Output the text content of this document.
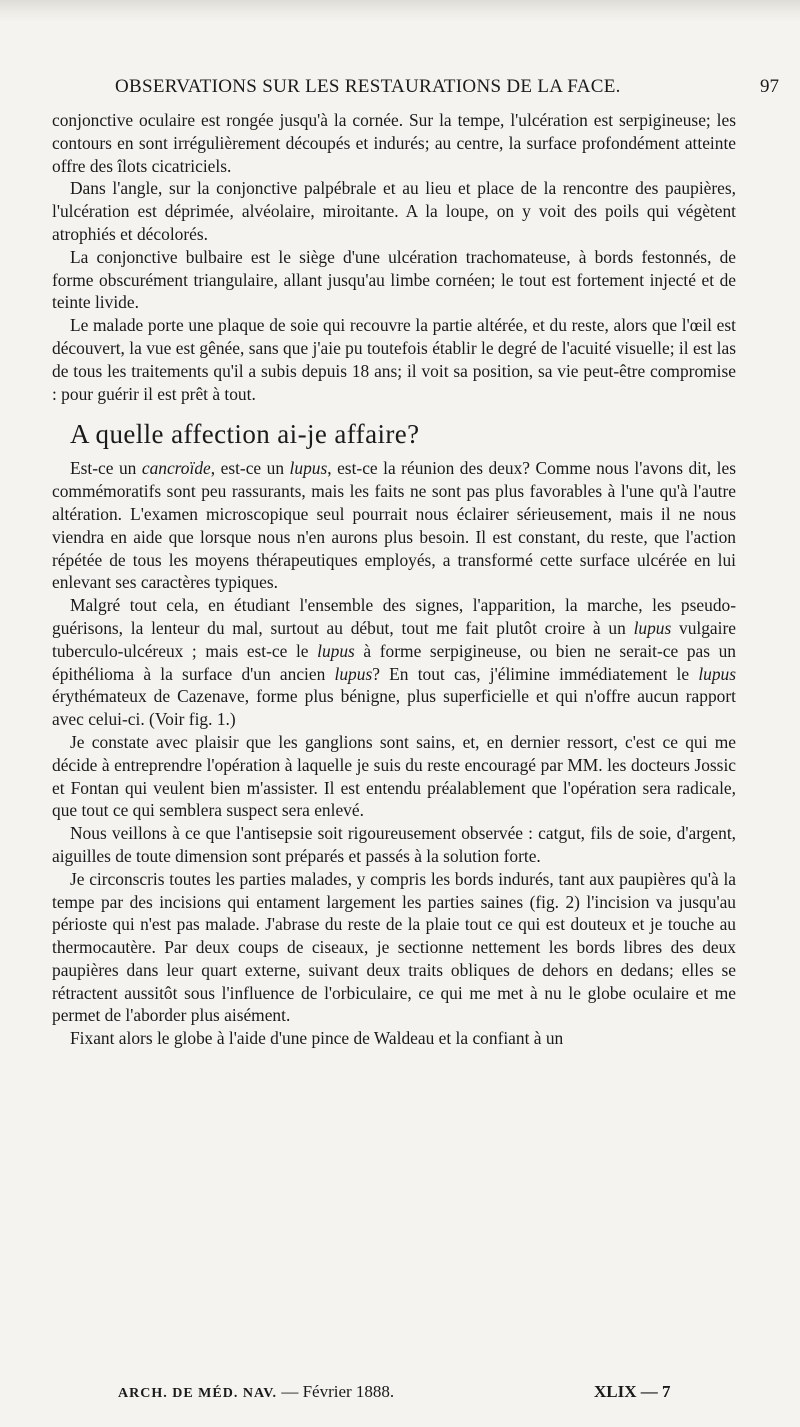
OBSERVATIONS SUR LES RESTAURATIONS DE LA FACE.	97

conjonctive oculaire est rongée jusqu'à la cornée. Sur la tempe, l'ulcération est serpigineuse; les contours en sont irrégulièrement découpés et indurés; au centre, la surface profondément atteinte offre des îlots cicatriciels.

Dans l'angle, sur la conjonctive palpébrale et au lieu et place de la rencontre des paupières, l'ulcération est déprimée, alvéolaire, miroitante. A la loupe, on y voit des poils qui végètent atrophiés et décolorés.

La conjonctive bulbaire est le siège d'une ulcération trachomateuse, à bords festonnés, de forme obscurément triangulaire, allant jusqu'au limbe cornéen; le tout est fortement injecté et de teinte livide.

Le malade porte une plaque de soie qui recouvre la partie altérée, et du reste, alors que l'œil est découvert, la vue est gênée, sans que j'aie pu toutefois établir le degré de l'acuité visuelle; il est las de tous les traitements qu'il a subis depuis 18 ans; il voit sa position, sa vie peut-être compromise : pour guérir il est prêt à tout.

A quelle affection ai-je affaire?

Est-ce un cancroïde, est-ce un lupus, est-ce la réunion des deux? Comme nous l'avons dit, les commémoratifs sont peu rassurants, mais les faits ne sont pas plus favorables à l'une qu'à l'autre altération. L'examen microscopique seul pourrait nous éclairer sérieusement, mais il ne nous viendra en aide que lorsque nous n'en aurons plus besoin. Il est constant, du reste, que l'action répétée de tous les moyens thérapeutiques employés, a transformé cette surface ulcérée en lui enlevant ses caractères typiques.

Malgré tout cela, en étudiant l'ensemble des signes, l'apparition, la marche, les pseudo-guérisons, la lenteur du mal, surtout au début, tout me fait plutôt croire à un lupus vulgaire tuberculo-ulcéreux ; mais est-ce le lupus à forme serpigineuse, ou bien ne serait-ce pas un épithélioma à la surface d'un ancien lupus? En tout cas, j'élimine immédiatement le lupus érythémateux de Cazenave, forme plus bénigne, plus superficielle et qui n'offre aucun rapport avec celui-ci. (Voir fig. 1.)

Je constate avec plaisir que les ganglions sont sains, et, en dernier ressort, c'est ce qui me décide à entreprendre l'opération à laquelle je suis du reste encouragé par MM. les docteurs Jossic et Fontan qui veulent bien m'assister. Il est entendu préalablement que l'opération sera radicale, que tout ce qui semblera suspect sera enlevé.

Nous veillons à ce que l'antisepsie soit rigoureusement observée : catgut, fils de soie, d'argent, aiguilles de toute dimension sont préparés et passés à la solution forte.

Je circonscris toutes les parties malades, y compris les bords indurés, tant aux paupières qu'à la tempe par des incisions qui entament largement les parties saines (fig. 2) l'incision va jusqu'au périoste qui n'est pas malade. J'abrase du reste de la plaie tout ce qui est douteux et je touche au thermocautère. Par deux coups de ciseaux, je sectionne nettement les bords libres des deux paupières dans leur quart externe, suivant deux traits obliques de dehors en dedans; elles se rétractent aussitôt sous l'influence de l'orbiculaire, ce qui me met à nu le globe oculaire et me permet de l'aborder plus aisément.

Fixant alors le globe à l'aide d'une pince de Waldeau et la confiant à un

ARCH. DE MÉD. NAV. — Février 1888.	XLIX — 7
